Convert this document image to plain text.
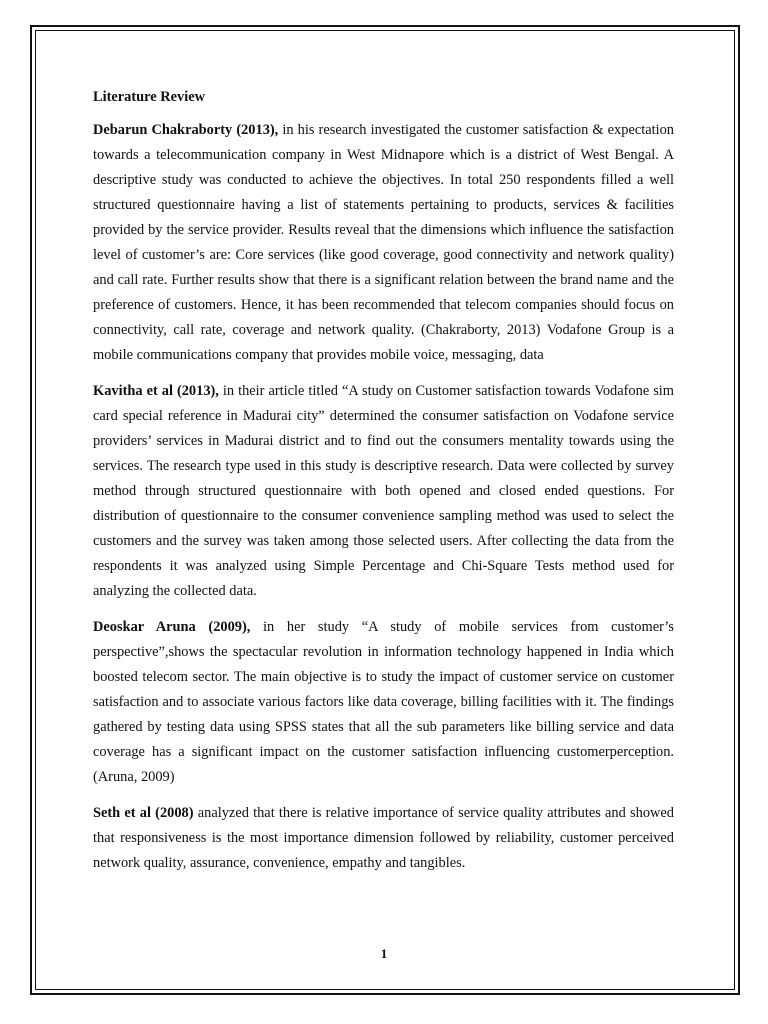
Literature Review

Debarun Chakraborty (2013), in his research investigated the customer satisfaction & expectation towards a telecommunication company in West Midnapore which is a district of West Bengal. A descriptive study was conducted to achieve the objectives. In total 250 respondents filled a well structured questionnaire having a list of statements pertaining to products, services & facilities provided by the service provider. Results reveal that the dimensions which influence the satisfaction level of customer’s are: Core services (like good coverage, good connectivity and network quality) and call rate. Further results show that there is a significant relation between the brand name and the preference of customers. Hence, it has been recommended that telecom companies should focus on connectivity, call rate, coverage and network quality. (Chakraborty, 2013) Vodafone Group is a mobile communications company that provides mobile voice, messaging, data

Kavitha et al (2013), in their article titled “A study on Customer satisfaction towards Vodafone sim card special reference in Madurai city” determined the consumer satisfaction on Vodafone service providers’ services in Madurai district and to find out the consumers mentality towards using the services. The research type used in this study is descriptive research. Data were collected by survey method through structured questionnaire with both opened and closed ended questions. For distribution of questionnaire to the consumer convenience sampling method was used to select the customers and the survey was taken among those selected users. After collecting the data from the respondents it was analyzed using Simple Percentage and Chi-Square Tests method used for analyzing the collected data.

Deoskar Aruna (2009), in her study “A study of mobile services from customer’s perspective”,shows the spectacular revolution in information technology happened in India which boosted telecom sector. The main objective is to study the impact of customer service on customer satisfaction and to associate various factors like data coverage, billing facilities with it. The findings gathered by testing data using SPSS states that all the sub parameters like billing service and data coverage has a significant impact on the customer satisfaction influencing customerperception. (Aruna, 2009)

Seth et al (2008) analyzed that there is relative importance of service quality attributes and showed that responsiveness is the most importance dimension followed by reliability, customer perceived network quality, assurance, convenience, empathy and tangibles.

1
